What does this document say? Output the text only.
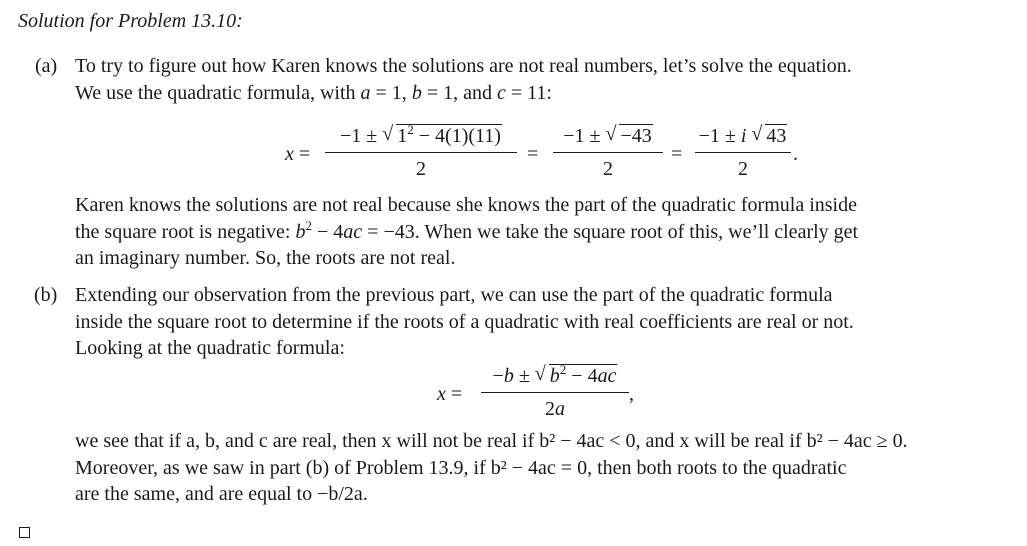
Solution for Problem 13.10:
(a) To try to figure out how Karen knows the solutions are not real numbers, let’s solve the equation.
We use the quadratic formula, with a = 1, b = 1, and c = 11:

x =
−1 ± √ $1^2 - 4(1)(11)$
2
=
−1 ± √ −43
2
=
−1 ± i √ 43
2
.

Karen knows the solutions are not real because she knows the part of the quadratic formula inside
the square root is negative: $b^2 - 4ac = -43$. When we take the square root of this, we’ll clearly get
an imaginary number. So, the roots are not real.

(b) Extending our observation from the previous part, we can use the part of the quadratic formula
inside the square root to determine if the roots of a quadratic with real coefficients are real or not.
Looking at the quadratic formula:

x =
−b ± √ $b^2 - 4ac$
2a
,

we see that if a, b, and c are real, then x will not be real if b² − 4ac < 0, and x will be real if b² − 4ac ≥ 0.
Moreover, as we saw in part (b) of Problem 13.9, if b² − 4ac = 0, then both roots to the quadratic
are the same, and are equal to −b/2a.
